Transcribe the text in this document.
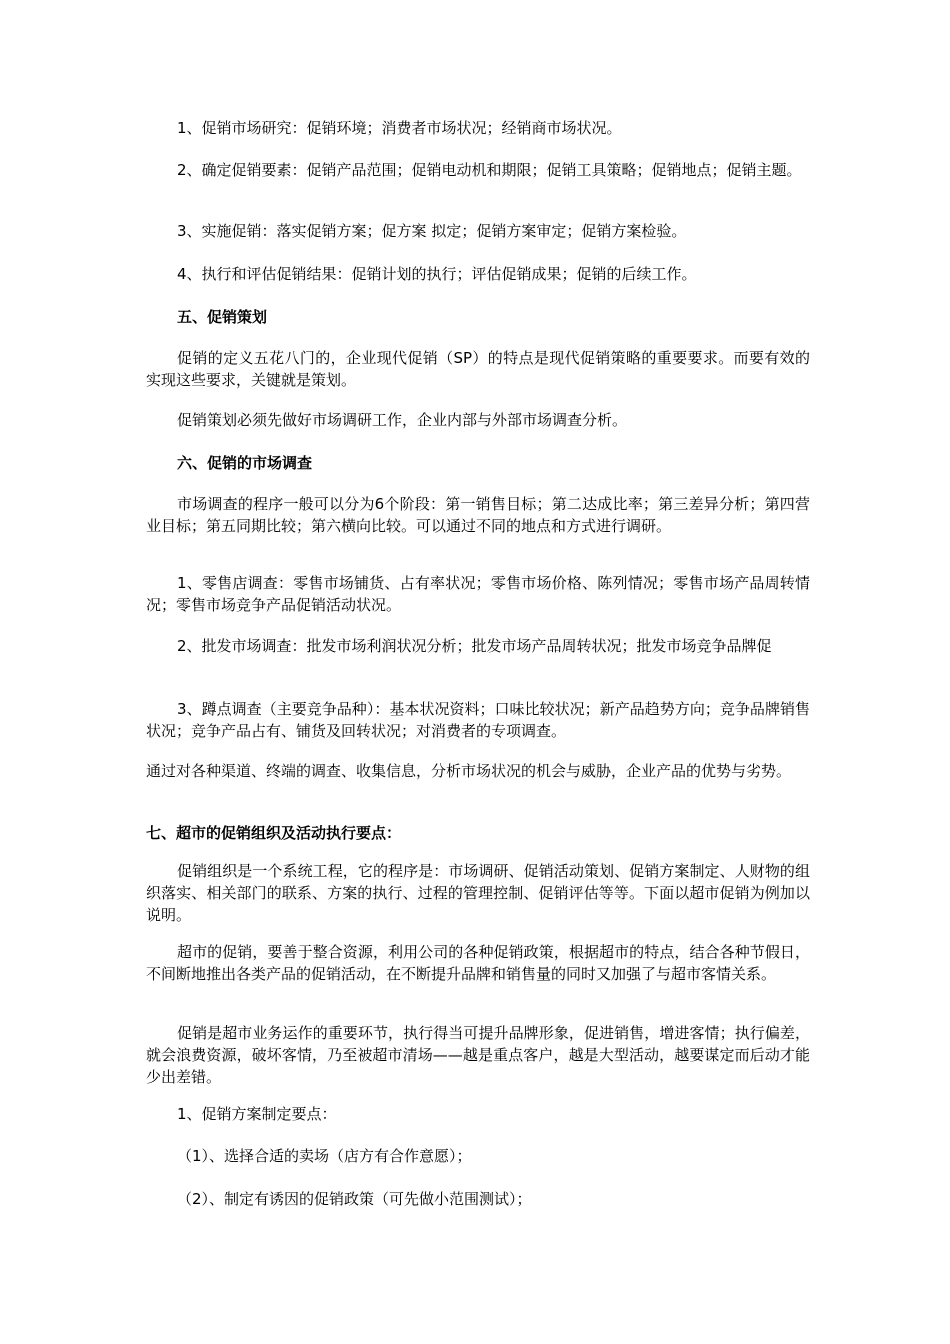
1、促销市场研究：促销环境；消费者市场状况；经销商市场状况。

2、确定促销要素：促销产品范围；促销电动机和期限；促销工具策略；促销地点；促销主题。

3、实施促销：落实促销方案；促方案 拟定；促销方案审定；促销方案检验。

4、执行和评估促销结果：促销计划的执行；评估促销成果；促销的后续工作。

五、促销策划

促销的定义五花八门的，企业现代促销（SP）的特点是现代促销策略的重要要求。而要有效的实现这些要求，关键就是策划。

促销策划必须先做好市场调研工作，企业内部与外部市场调查分析。

六、促销的市场调查

市场调查的程序一般可以分为6个阶段：第一销售目标；第二达成比率；第三差异分析；第四营业目标；第五同期比较；第六横向比较。可以通过不同的地点和方式进行调研。

1、零售店调查：零售市场铺货、占有率状况；零售市场价格、陈列情况；零售市场产品周转情况；零售市场竞争产品促销活动状况。

2、批发市场调查：批发市场利润状况分析；批发市场产品周转状况；批发市场竞争品牌促

3、蹲点调查（主要竞争品种）：基本状况资料；口味比较状况；新产品趋势方向；竞争品牌销售状况；竞争产品占有、铺货及回转状况；对消费者的专项调查。

通过对各种渠道、终端的调查、收集信息，分析市场状况的机会与威胁，企业产品的优势与劣势。

七、超市的促销组织及活动执行要点：

促销组织是一个系统工程，它的程序是：市场调研、促销活动策划、促销方案制定、人财物的组织落实、相关部门的联系、方案的执行、过程的管理控制、促销评估等等。下面以超市促销为例加以说明。

超市的促销，要善于整合资源，利用公司的各种促销政策，根据超市的特点，结合各种节假日，不间断地推出各类产品的促销活动，在不断提升品牌和销售量的同时又加强了与超市客情关系。

促销是超市业务运作的重要环节，执行得当可提升品牌形象，促进销售，增进客情；执行偏差，就会浪费资源，破坏客情，乃至被超市清场——越是重点客户，越是大型活动，越要谋定而后动才能少出差错。

1、促销方案制定要点：

（1）、选择合适的卖场（店方有合作意愿）；

（2）、制定有诱因的促销政策（可先做小范围测试）；
